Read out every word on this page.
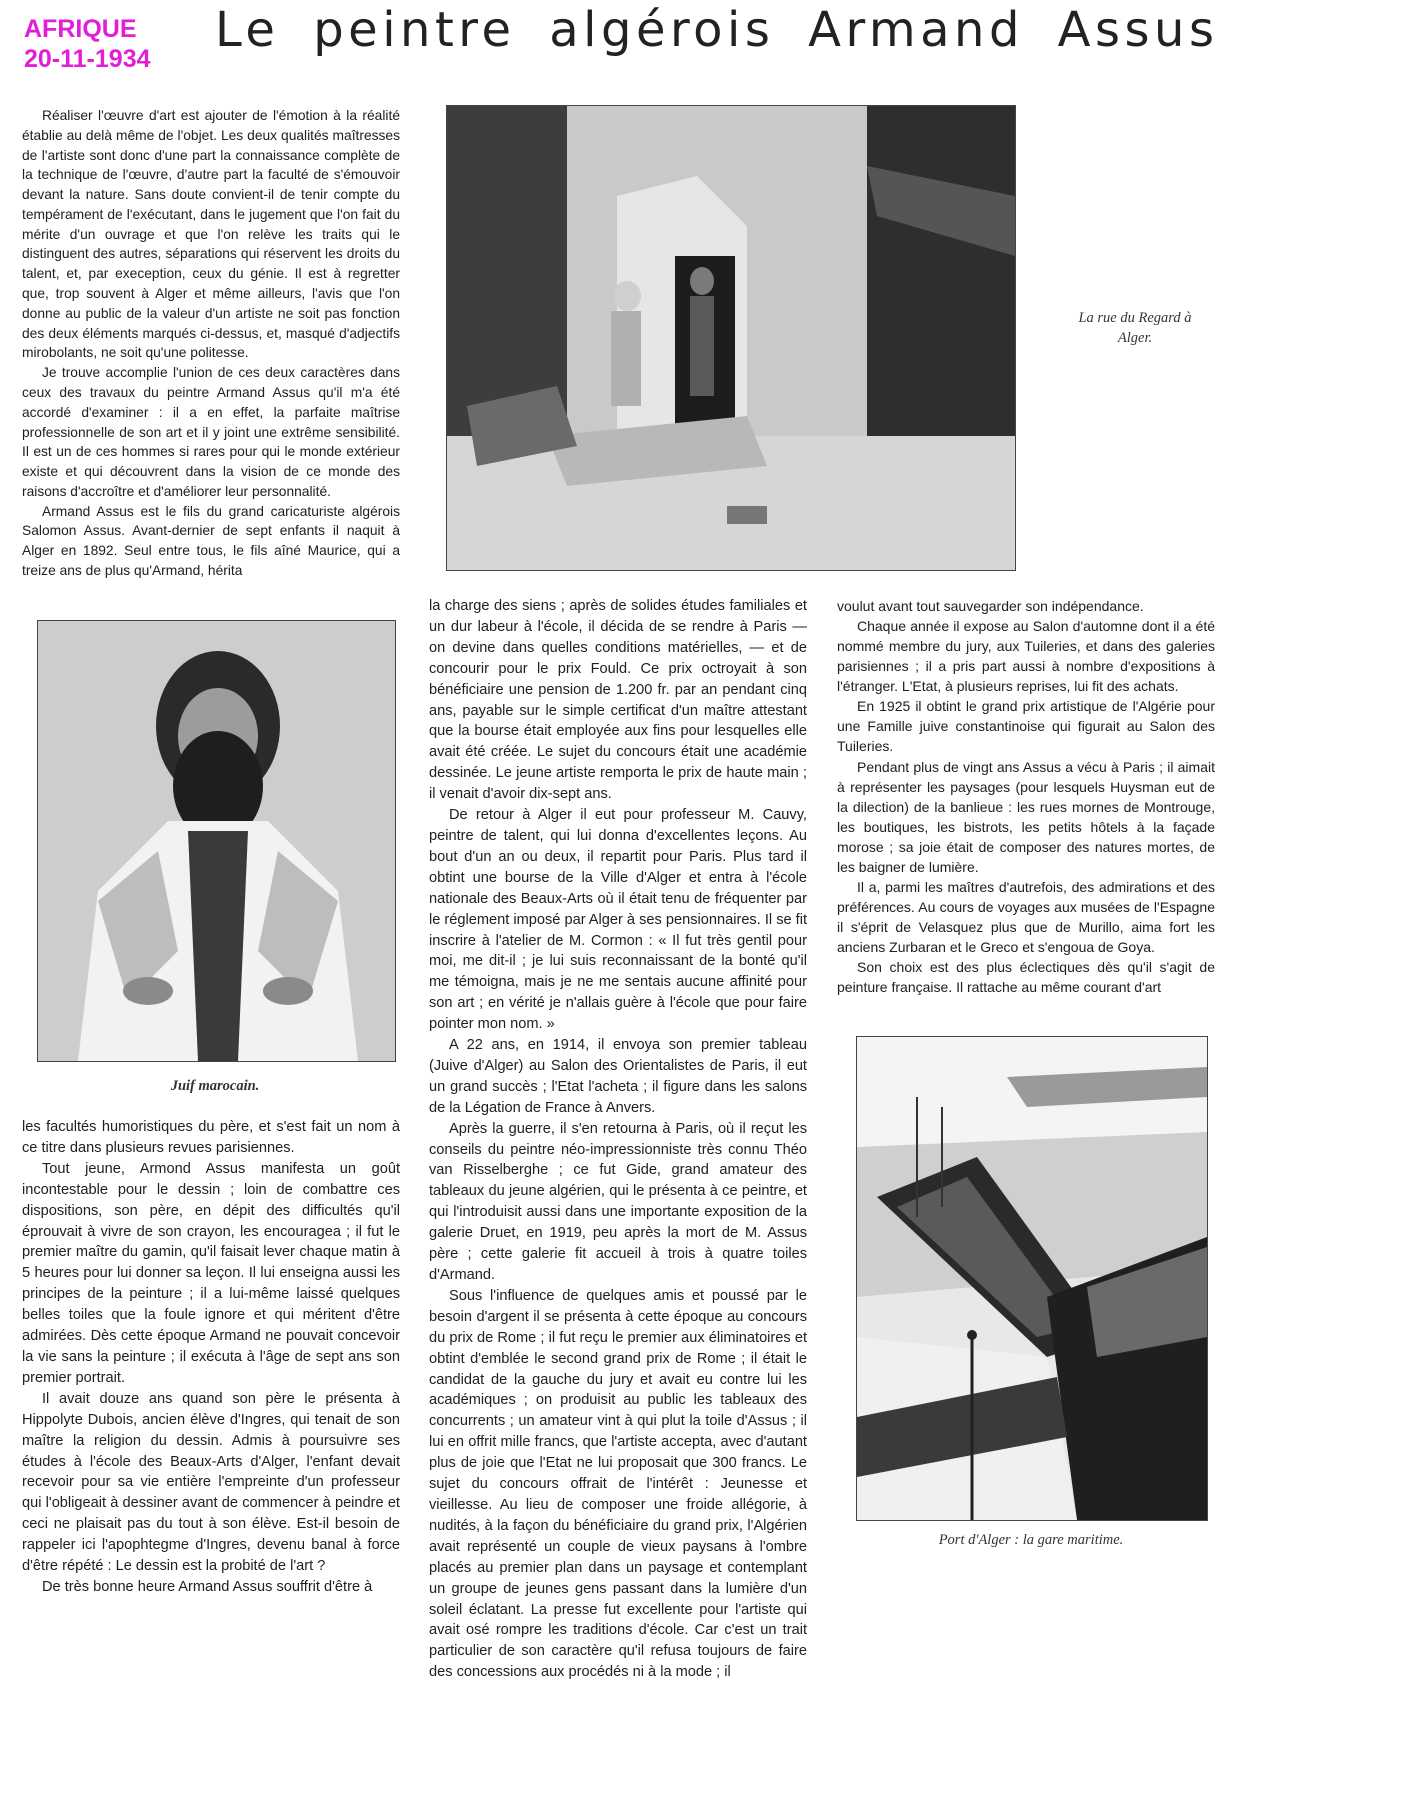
AFRIQUE
20-11-1934
Le peintre algérois Armand Assus

Réaliser l'œuvre d'art est ajouter de l'émotion à la réalité établie au delà même de l'objet. Les deux qualités maîtresses de l'artiste sont donc d'une part la connaissance complète de la technique de l'œuvre, d'autre part la faculté de s'émouvoir devant la nature. Sans doute convient-il de tenir compte du tempérament de l'exécutant, dans le jugement que l'on fait du mérite d'un ouvrage et que l'on relève les traits qui le distinguent des autres, séparations qui réservent les droits du talent, et, par exeception, ceux du génie. Il est à regretter que, trop souvent à Alger et même ailleurs, l'avis que l'on donne au public de la valeur d'un artiste ne soit pas fonction des deux éléments marqués ci-dessus, et, masqué d'adjectifs mirobolants, ne soit qu'une politesse.

Je trouve accomplie l'union de ces deux caractères dans ceux des travaux du peintre Armand Assus qu'il m'a été accordé d'examiner : il a en effet, la parfaite maîtrise professionnelle de son art et il y joint une extrême sensibilité. Il est un de ces hommes si rares pour qui le monde extérieur existe et qui découvrent dans la vision de ce monde des raisons d'accroître et d'améliorer leur personnalité.

Armand Assus est le fils du grand caricaturiste algérois Salomon Assus. Avant-dernier de sept enfants il naquit à Alger en 1892. Seul entre tous, le fils aîné Maurice, qui a treize ans de plus qu'Armand, hérita

La rue du Regard à Alger.
Juif marocain.

les facultés humoristiques du père, et s'est fait un nom à ce titre dans plusieurs revues parisiennes.

Tout jeune, Armond Assus manifesta un goût incontestable pour le dessin ; loin de combattre ces dispositions, son père, en dépit des difficultés qu'il éprouvait à vivre de son crayon, les encouragea ; il fut le premier maître du gamin, qu'il faisait lever chaque matin à 5 heures pour lui donner sa leçon. Il lui enseigna aussi les principes de la peinture ; il a lui-même laissé quelques belles toiles que la foule ignore et qui méritent d'être admirées. Dès cette époque Armand ne pouvait concevoir la vie sans la peinture ; il exécuta à l'âge de sept ans son premier portrait.

Il avait douze ans quand son père le présenta à Hippolyte Dubois, ancien élève d'Ingres, qui tenait de son maître la religion du dessin. Admis à poursuivre ses études à l'école des Beaux-Arts d'Alger, l'enfant devait recevoir pour sa vie entière l'empreinte d'un professeur qui l'obligeait à dessiner avant de commencer à peindre et ceci ne plaisait pas du tout à son élève. Est-il besoin de rappeler ici l'apophtegme d'Ingres, devenu banal à force d'être répété : Le dessin est la probité de l'art ?

De très bonne heure Armand Assus souffrit d'être à

la charge des siens ; après de solides études familiales et un dur labeur à l'école, il décida de se rendre à Paris — on devine dans quelles conditions matérielles, — et de concourir pour le prix Fould. Ce prix octroyait à son bénéficiaire une pension de 1.200 fr. par an pendant cinq ans, payable sur le simple certificat d'un maître attestant que la bourse était employée aux fins pour lesquelles elle avait été créée. Le sujet du concours était une académie dessinée. Le jeune artiste remporta le prix de haute main ; il venait d'avoir dix-sept ans.

De retour à Alger il eut pour professeur M. Cauvy, peintre de talent, qui lui donna d'excellentes leçons. Au bout d'un an ou deux, il repartit pour Paris. Plus tard il obtint une bourse de la Ville d'Alger et entra à l'école nationale des Beaux-Arts où il était tenu de fréquenter par le réglement imposé par Alger à ses pensionnaires. Il se fit inscrire à l'atelier de M. Cormon : « Il fut très gentil pour moi, me dit-il ; je lui suis reconnaissant de la bonté qu'il me témoigna, mais je ne me sentais aucune affinité pour son art ; en vérité je n'allais guère à l'école que pour faire pointer mon nom. »

A 22 ans, en 1914, il envoya son premier tableau (Juive d'Alger) au Salon des Orientalistes de Paris, il eut un grand succès ; l'Etat l'acheta ; il figure dans les salons de la Légation de France à Anvers.

Après la guerre, il s'en retourna à Paris, où il reçut les conseils du peintre néo-impressionniste très connu Théo van Risselberghe ; ce fut Gide, grand amateur des tableaux du jeune algérien, qui le présenta à ce peintre, et qui l'introduisit aussi dans une importante exposition de la galerie Druet, en 1919, peu après la mort de M. Assus père ; cette galerie fit accueil à trois à quatre toiles d'Armand.

Sous l'influence de quelques amis et poussé par le besoin d'argent il se présenta à cette époque au concours du prix de Rome ; il fut reçu le premier aux éliminatoires et obtint d'emblée le second grand prix de Rome ; il était le candidat de la gauche du jury et avait eu contre lui les académiques ; on produisit au public les tableaux des concurrents ; un amateur vint à qui plut la toile d'Assus ; il lui en offrit mille francs, que l'artiste accepta, avec d'autant plus de joie que l'Etat ne lui proposait que 300 francs. Le sujet du concours offrait de l'intérêt : Jeunesse et vieillesse. Au lieu de composer une froide allégorie, à nudités, à la façon du bénéficiaire du grand prix, l'Algérien avait représenté un couple de vieux paysans à l'ombre placés au premier plan dans un paysage et contemplant un groupe de jeunes gens passant dans la lumière d'un soleil éclatant. La presse fut excellente pour l'artiste qui avait osé rompre les traditions d'école. Car c'est un trait particulier de son caractère qu'il refusa toujours de faire des concessions aux procédés ni à la mode ; il

voulut avant tout sauvegarder son indépendance.

Chaque année il expose au Salon d'automne dont il a été nommé membre du jury, aux Tuileries, et dans des galeries parisiennes ; il a pris part aussi à nombre d'expositions à l'étranger. L'Etat, à plusieurs reprises, lui fit des achats.

En 1925 il obtint le grand prix artistique de l'Algérie pour une Famille juive constantinoise qui figurait au Salon des Tuileries.

Pendant plus de vingt ans Assus a vécu à Paris ; il aimait à représenter les paysages (pour lesquels Huysman eut de la dilection) de la banlieue : les rues mornes de Montrouge, les boutiques, les bistrots, les petits hôtels à la façade morose ; sa joie était de composer des natures mortes, de les baigner de lumière.

Il a, parmi les maîtres d'autrefois, des admirations et des préférences. Au cours de voyages aux musées de l'Espagne il s'éprit de Velasquez plus que de Murillo, aima fort les anciens Zurbaran et le Greco et s'engoua de Goya.

Son choix est des plus éclectiques dès qu'il s'agit de peinture française. Il rattache au même courant d'art

Port d'Alger : la gare maritime.
